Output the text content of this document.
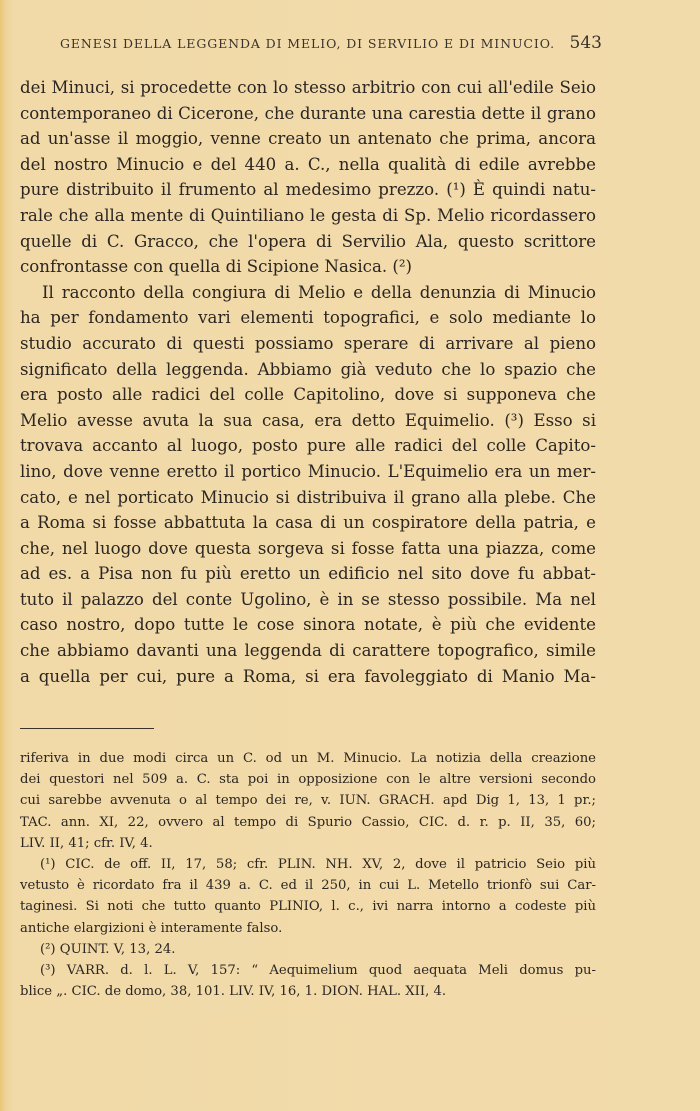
GENESI DELLA LEGGENDA DI MELIO, DI SERVILIO E DI MINUCIO. 543
dei Minuci, si procedette con lo stesso arbitrio con cui all'edile Seio
contemporaneo di Cicerone, che durante una carestia dette il grano
ad un'asse il moggio, venne creato un antenato che prima, ancora
del nostro Minucio e del 440 a. C., nella qualità di edile avrebbe
pure distribuito il frumento al medesimo prezzo. (¹) È quindi natu-
rale che alla mente di Quintiliano le gesta di Sp. Melio ricordassero
quelle di C. Gracco, che l'opera di Servilio Ala, questo scrittore
confrontasse con quella di Scipione Nasica. (²)
Il racconto della congiura di Melio e della denunzia di Minucio
ha per fondamento vari elementi topografici, e solo mediante lo
studio accurato di questi possiamo sperare di arrivare al pieno
significato della leggenda. Abbiamo già veduto che lo spazio che
era posto alle radici del colle Capitolino, dove si supponeva che
Melio avesse avuta la sua casa, era detto Equimelio. (³) Esso si
trovava accanto al luogo, posto pure alle radici del colle Capito-
lino, dove venne eretto il portico Minucio. L'Equimelio era un mer-
cato, e nel porticato Minucio si distribuiva il grano alla plebe. Che
a Roma si fosse abbattuta la casa di un cospiratore della patria, e
che, nel luogo dove questa sorgeva si fosse fatta una piazza, come
ad es. a Pisa non fu più eretto un edificio nel sito dove fu abbat-
tuto il palazzo del conte Ugolino, è in se stesso possibile. Ma nel
caso nostro, dopo tutte le cose sinora notate, è più che evidente
che abbiamo davanti una leggenda di carattere topografico, simile
a quella per cui, pure a Roma, si era favoleggiato di Manio Ma-
riferiva in due modi circa un C. od un M. Minucio. La notizia della creazione
dei questori nel 509 a. C. sta poi in opposizione con le altre versioni secondo
cui sarebbe avvenuta o al tempo dei re, v. IUN. GRACH. apd Dig 1, 13, 1 pr.;
TAC. ann. XI, 22, ovvero al tempo di Spurio Cassio, CIC. d. r. p. II, 35, 60;
LIV. II, 41; cfr. IV, 4.
(¹) CIC. de off. II, 17, 58; cfr. PLIN. NH. XV, 2, dove il patricio Seio più
vetusto è ricordato fra il 439 a. C. ed il 250, in cui L. Metello trionfò sui Car-
taginesi. Si noti che tutto quanto PLINIO, l. c., ivi narra intorno a codeste più
antiche elargizioni è interamente falso.
(²) QUINT. V, 13, 24.
(³) VARR. d. l. L. V, 157: “ Aequimelium quod aequata Meli domus pu-
blice „. CIC. de domo, 38, 101. LIV. IV, 16, 1. DION. HAL. XII, 4.
